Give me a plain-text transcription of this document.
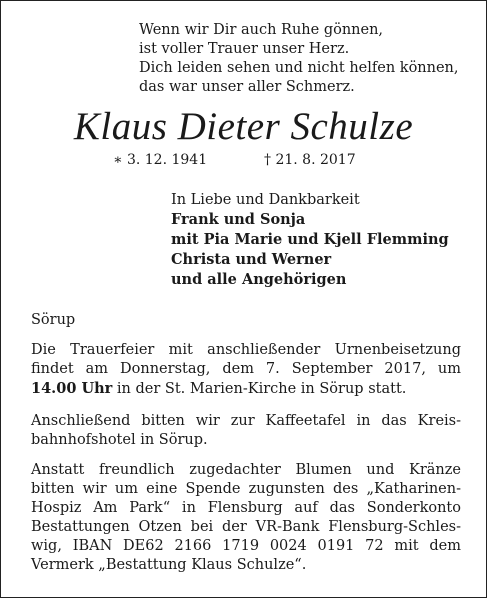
Wenn wir Dir auch Ruhe gönnen,
ist voller Trauer unser Herz.
Dich leiden sehen und nicht helfen können,
das war unser aller Schmerz.
Klaus Dieter Schulze
∗ 3. 12. 1941	† 21. 8. 2017
In Liebe und Dankbarkeit
Frank und Sonja
mit Pia Marie und Kjell Flemming
Christa und Werner
und alle Angehörigen
Sörup
Die Trauerfeier mit anschließender Urnenbeisetzung
findet am Donnerstag, dem 7. September 2017, um
14.00 Uhr in der St. Marien-Kirche in Sörup statt.
Anschließend bitten wir zur Kaffeetafel in das Kreis-
bahnhofshotel in Sörup.
Anstatt freundlich zugedachter Blumen und Kränze
bitten wir um eine Spende zugunsten des „Katharinen-
Hospiz Am Park“ in Flensburg auf das Sonderkonto
Bestattungen Otzen bei der VR-Bank Flensburg-Schles-
wig, IBAN DE62 2166 1719 0024 0191 72 mit dem
Vermerk „Bestattung Klaus Schulze“.
